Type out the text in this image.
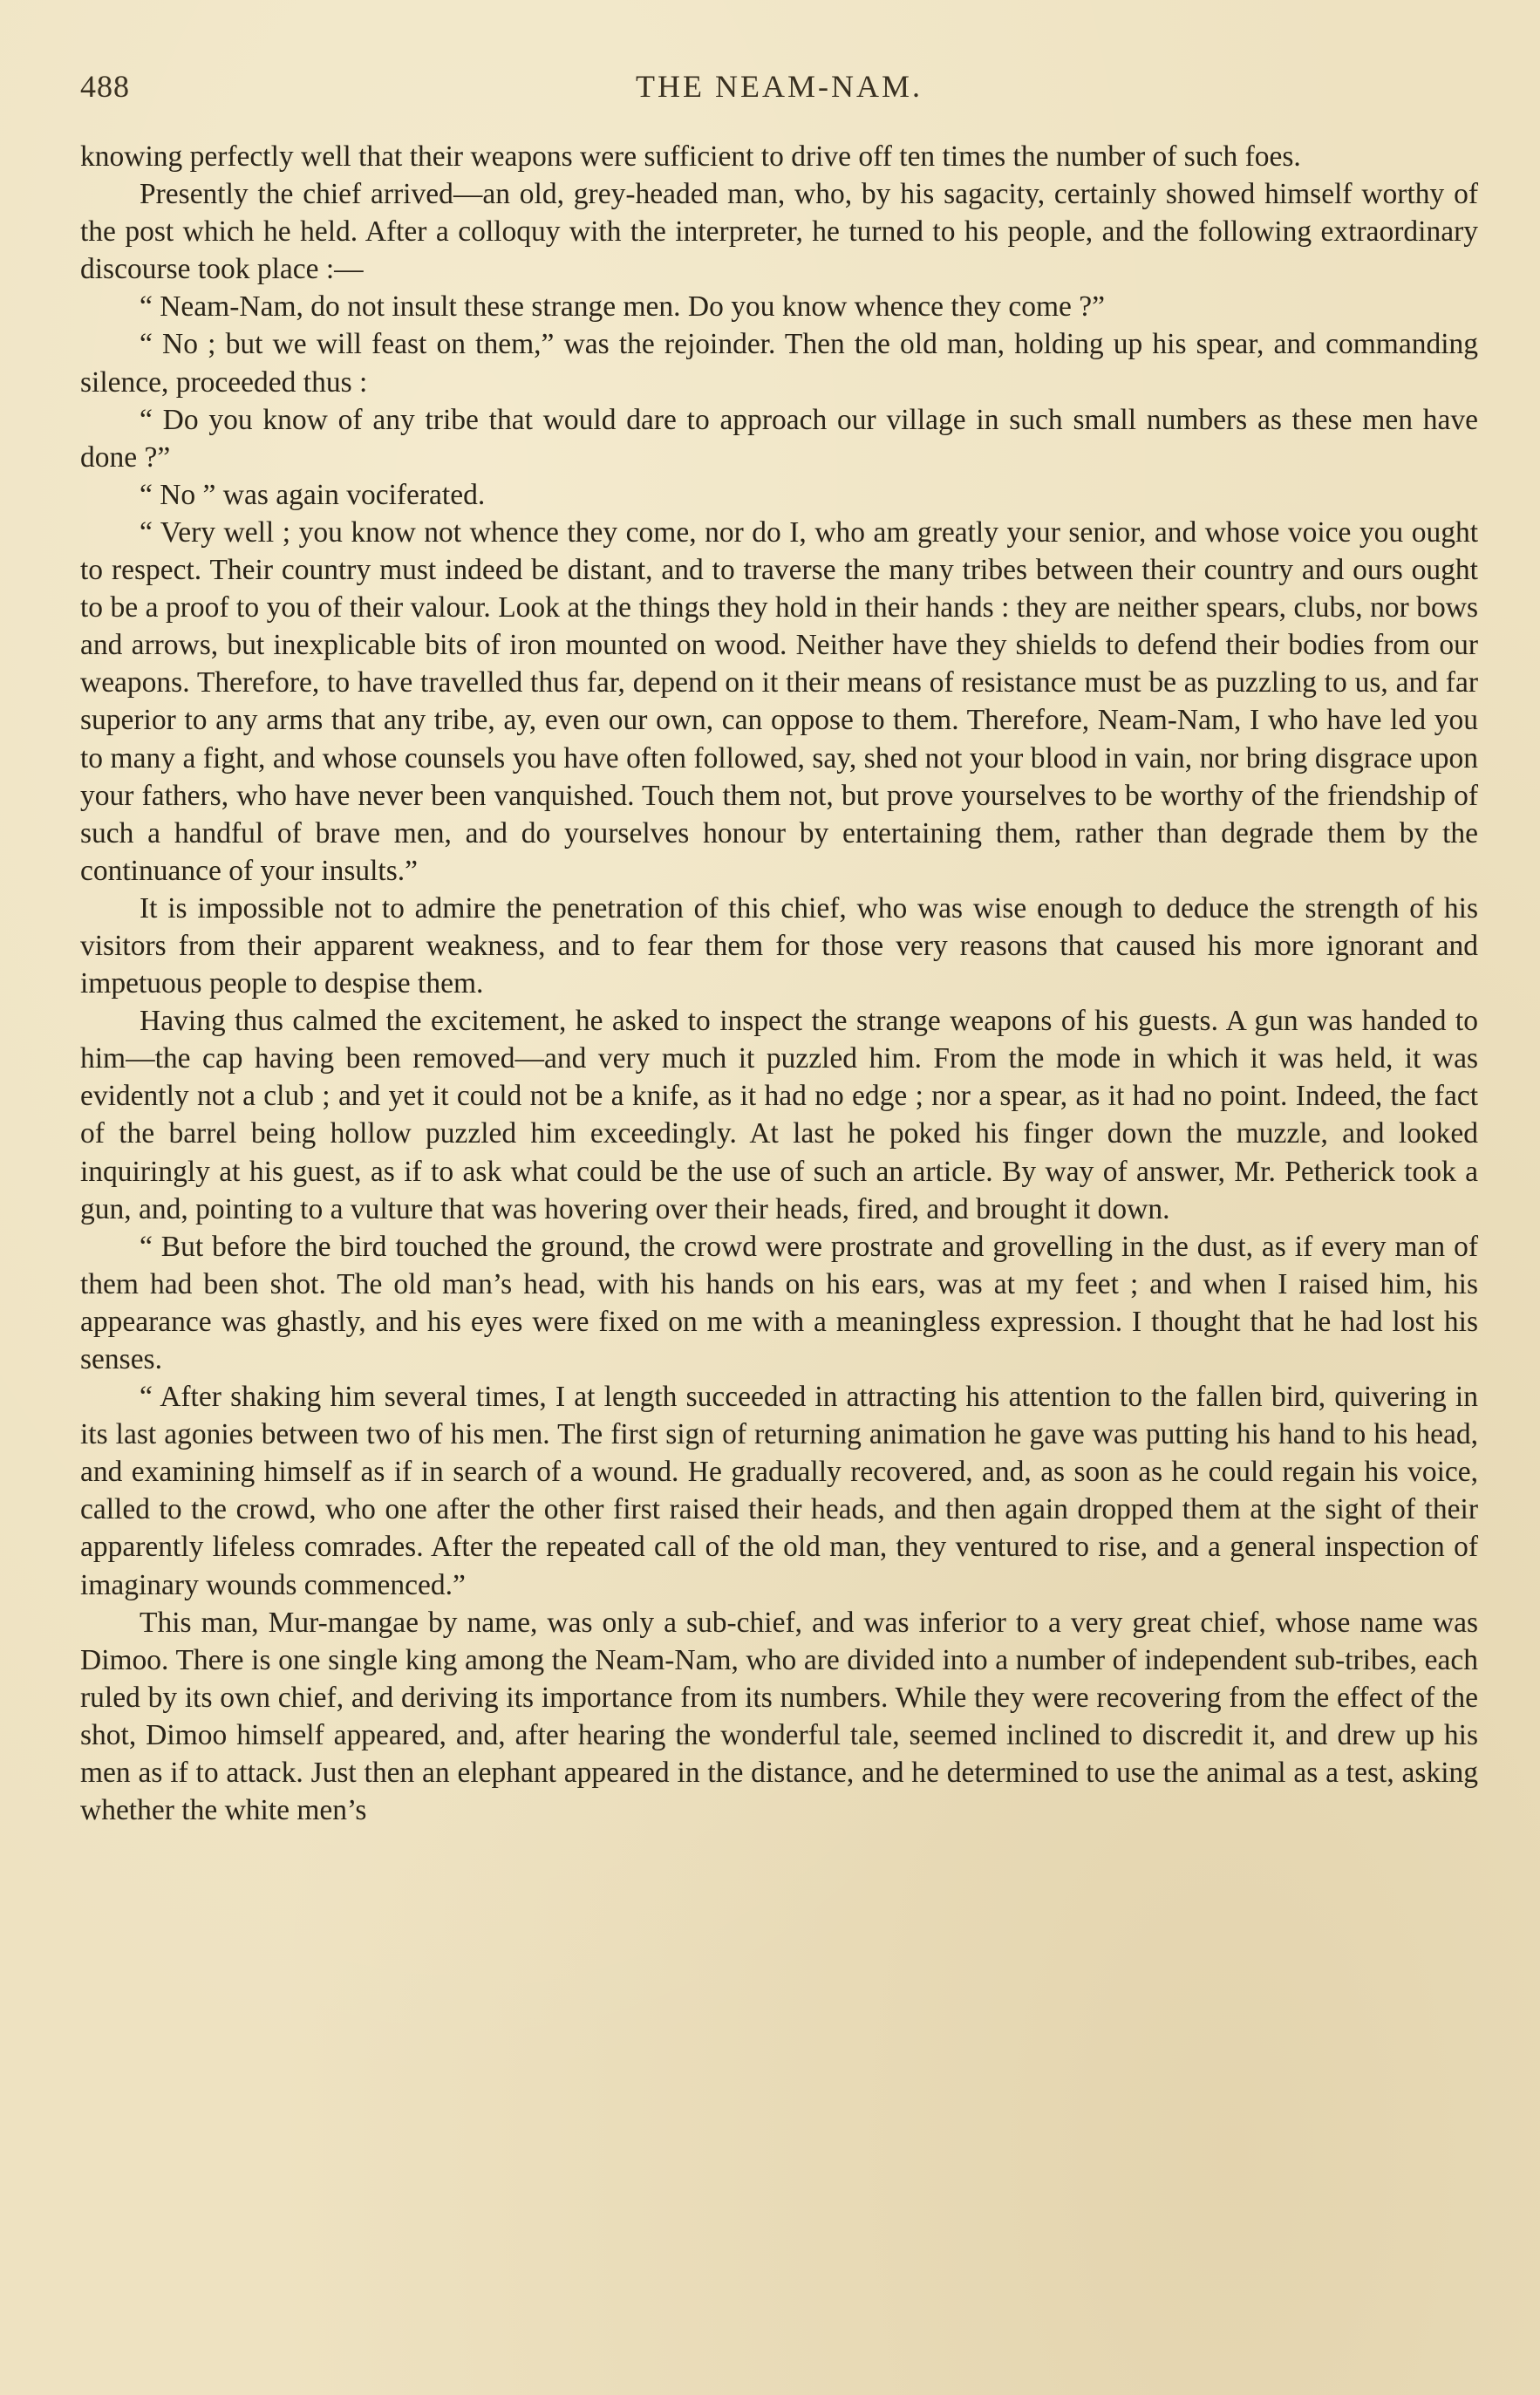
488	THE NEAM-NAM.

knowing perfectly well that their weapons were sufficient to drive off ten times the number of such foes.

Presently the chief arrived—an old, grey-headed man, who, by his sagacity, certainly showed himself worthy of the post which he held. After a colloquy with the interpreter, he turned to his people, and the following extraordinary discourse took place :—

“ Neam-Nam, do not insult these strange men. Do you know whence they come ?”

“ No ; but we will feast on them,” was the rejoinder. Then the old man, holding up his spear, and commanding silence, proceeded thus :

“ Do you know of any tribe that would dare to approach our village in such small numbers as these men have done ?”

“ No ” was again vociferated.

“ Very well ; you know not whence they come, nor do I, who am greatly your senior, and whose voice you ought to respect. Their country must indeed be distant, and to traverse the many tribes between their country and ours ought to be a proof to you of their valour. Look at the things they hold in their hands : they are neither spears, clubs, nor bows and arrows, but inexplicable bits of iron mounted on wood. Neither have they shields to defend their bodies from our weapons. Therefore, to have travelled thus far, depend on it their means of resistance must be as puzzling to us, and far superior to any arms that any tribe, ay, even our own, can oppose to them. Therefore, Neam-Nam, I who have led you to many a fight, and whose counsels you have often followed, say, shed not your blood in vain, nor bring disgrace upon your fathers, who have never been vanquished. Touch them not, but prove yourselves to be worthy of the friendship of such a handful of brave men, and do yourselves honour by entertaining them, rather than degrade them by the continuance of your insults.”

It is impossible not to admire the penetration of this chief, who was wise enough to deduce the strength of his visitors from their apparent weakness, and to fear them for those very reasons that caused his more ignorant and impetuous people to despise them.

Having thus calmed the excitement, he asked to inspect the strange weapons of his guests. A gun was handed to him—the cap having been removed—and very much it puzzled him. From the mode in which it was held, it was evidently not a club ; and yet it could not be a knife, as it had no edge ; nor a spear, as it had no point. Indeed, the fact of the barrel being hollow puzzled him exceedingly. At last he poked his finger down the muzzle, and looked inquiringly at his guest, as if to ask what could be the use of such an article. By way of answer, Mr. Petherick took a gun, and, pointing to a vulture that was hovering over their heads, fired, and brought it down.

“ But before the bird touched the ground, the crowd were prostrate and grovelling in the dust, as if every man of them had been shot. The old man’s head, with his hands on his ears, was at my feet ; and when I raised him, his appearance was ghastly, and his eyes were fixed on me with a meaningless expression. I thought that he had lost his senses.

“ After shaking him several times, I at length succeeded in attracting his attention to the fallen bird, quivering in its last agonies between two of his men. The first sign of returning animation he gave was putting his hand to his head, and examining himself as if in search of a wound. He gradually recovered, and, as soon as he could regain his voice, called to the crowd, who one after the other first raised their heads, and then again dropped them at the sight of their apparently lifeless comrades. After the repeated call of the old man, they ventured to rise, and a general inspection of imaginary wounds commenced.”

This man, Mur-mangae by name, was only a sub-chief, and was inferior to a very great chief, whose name was Dimoo. There is one single king among the Neam-Nam, who are divided into a number of independent sub-tribes, each ruled by its own chief, and deriving its importance from its numbers. While they were recovering from the effect of the shot, Dimoo himself appeared, and, after hearing the wonderful tale, seemed inclined to discredit it, and drew up his men as if to attack. Just then an elephant appeared in the distance, and he determined to use the animal as a test, asking whether the white men’s
